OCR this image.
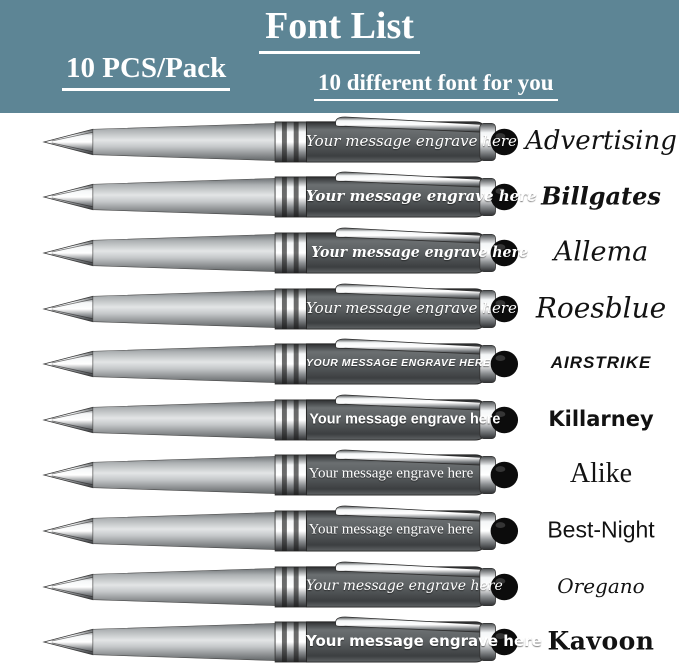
Font List
10 PCS/Pack	10 different font for you
Your message engrave here Advertising
Your message engrave here Billgates
Your message engrave here Allema
Your message engrave here Roesblue
YOUR MESSAGE ENGRAVE HERE	AIRSTRIKE
Your message engrave here	Killarney
Your message engrave here	Alike
Your message engrave here	Best-Night
Your message engrave here	Oregano
Your message engrave here Kavoon
